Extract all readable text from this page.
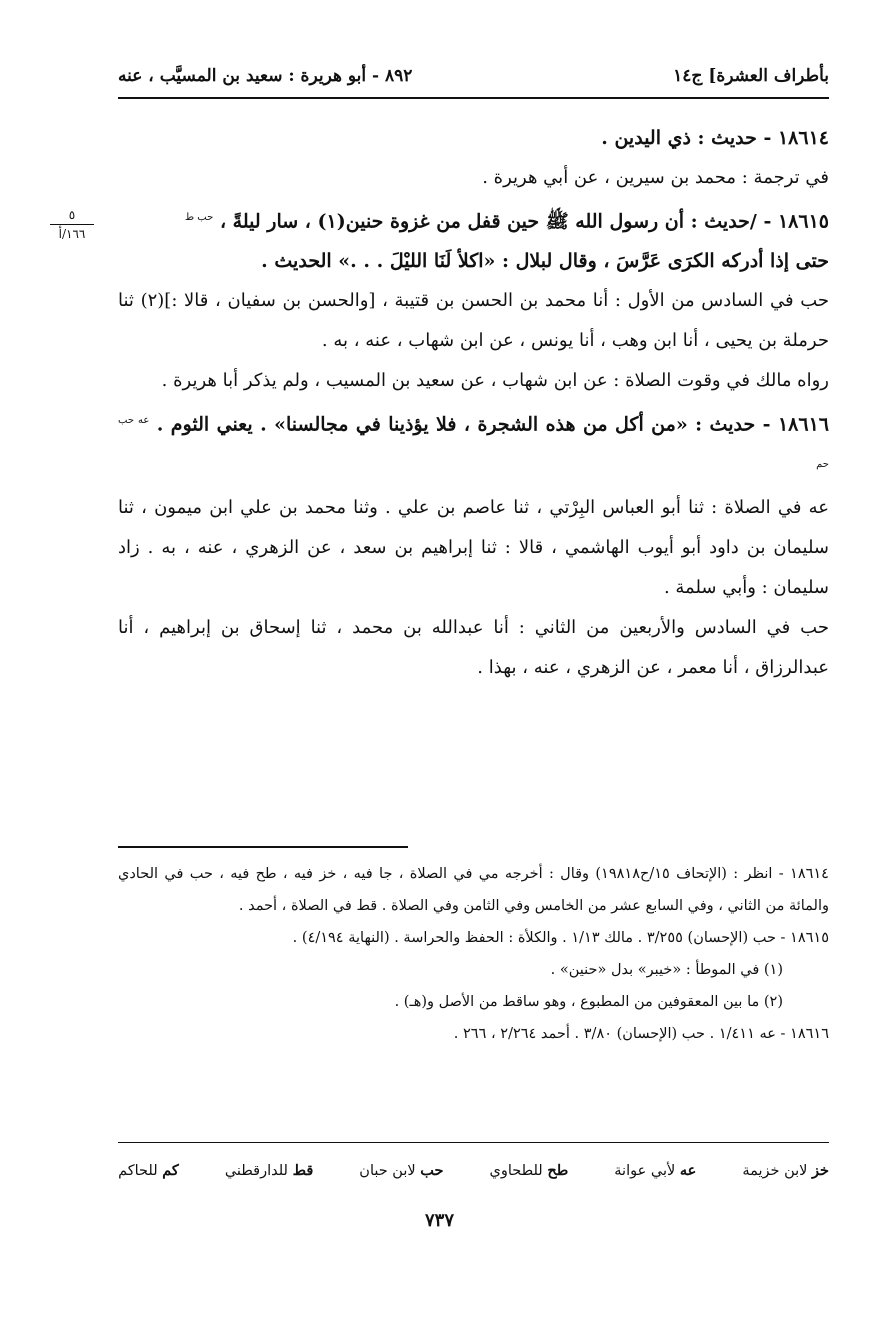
بأطراف العشرة] ج١٤
٨٩٢ - أبو هريرة : سعيد بن المسيَّب ، عنه
٥
١٦٦/أ

١٨٦١٤ - حديث : ذي اليدين .

في ترجمة : محمد بن سيرين ، عن أبي هريرة .

١٨٦١٥ - /حديث : أن رسول الله ﷺ حين قفل من غزوة حنين(١) ، سار ليلةً ، $^{حب ط}$

حتى إذا أدركه الكرَى عَرَّسَ ، وقال لبلال : «اكلأ لَنَا الليْلَ . . .» الحديث .

حب في السادس من الأول : أنا محمد بن الحسن بن قتيبة ، [والحسن بن سفيان ، قالا :](٢) ثنا حرملة بن يحيى ، أنا ابن وهب ، أنا يونس ، عن ابن شهاب ، عنه ، به .

رواه مالك في وقوت الصلاة : عن ابن شهاب ، عن سعيد بن المسيب ، ولم يذكر أبا هريرة .

١٨٦١٦ - حديث : «من أكل من هذه الشجرة ، فلا يؤذينا في مجالسنا» . يعني الثوم . $^{عه حب حم}$

عه في الصلاة : ثنا أبو العباس البِرْتي ، ثنا عاصم بن علي . وثنا محمد بن علي ابن ميمون ، ثنا سليمان بن داود أبو أيوب الهاشمي ، قالا : ثنا إبراهيم بن سعد ، عن الزهري ، عنه ، به . زاد سليمان : وأبي سلمة .

حب في السادس والأربعين من الثاني : أنا عبدالله بن محمد ، ثنا إسحاق بن إبراهيم ، أنا عبدالرزاق ، أنا معمر ، عن الزهري ، عنه ، بهذا .

١٨٦١٤ - انظر : (الإتحاف ١٥/ح١٩٨١٨) وقال : أخرجه مي في الصلاة ، جا فيه ، خز فيه ، طح فيه ، حب في الحادي والمائة من الثاني ، وفي السابع عشر من الخامس وفي الثامن وفي الصلاة . قط في الصلاة ، أحمد .

١٨٦١٥ - حب (الإحسان) ٣/٢٥٥ . مالك ١/١٣ . والكلأة : الحفظ والحراسة . (النهاية ٤/١٩٤) .

(١) في الموطأ : «خيبر» بدل «حنين» .

(٢) ما بين المعقوفين من المطبوع ، وهو ساقط من الأصل و(هـ) .

١٨٦١٦ - عه ١/٤١١ . حب (الإحسان) ٣/٨٠ . أحمد ٢/٢٦٤ ، ٢٦٦ .

خز لابن خزيمة
عه لأبي عوانة
طح للطحاوي
حب لابن حبان
قط للدارقطني
كم للحاكم
٧٣٧
